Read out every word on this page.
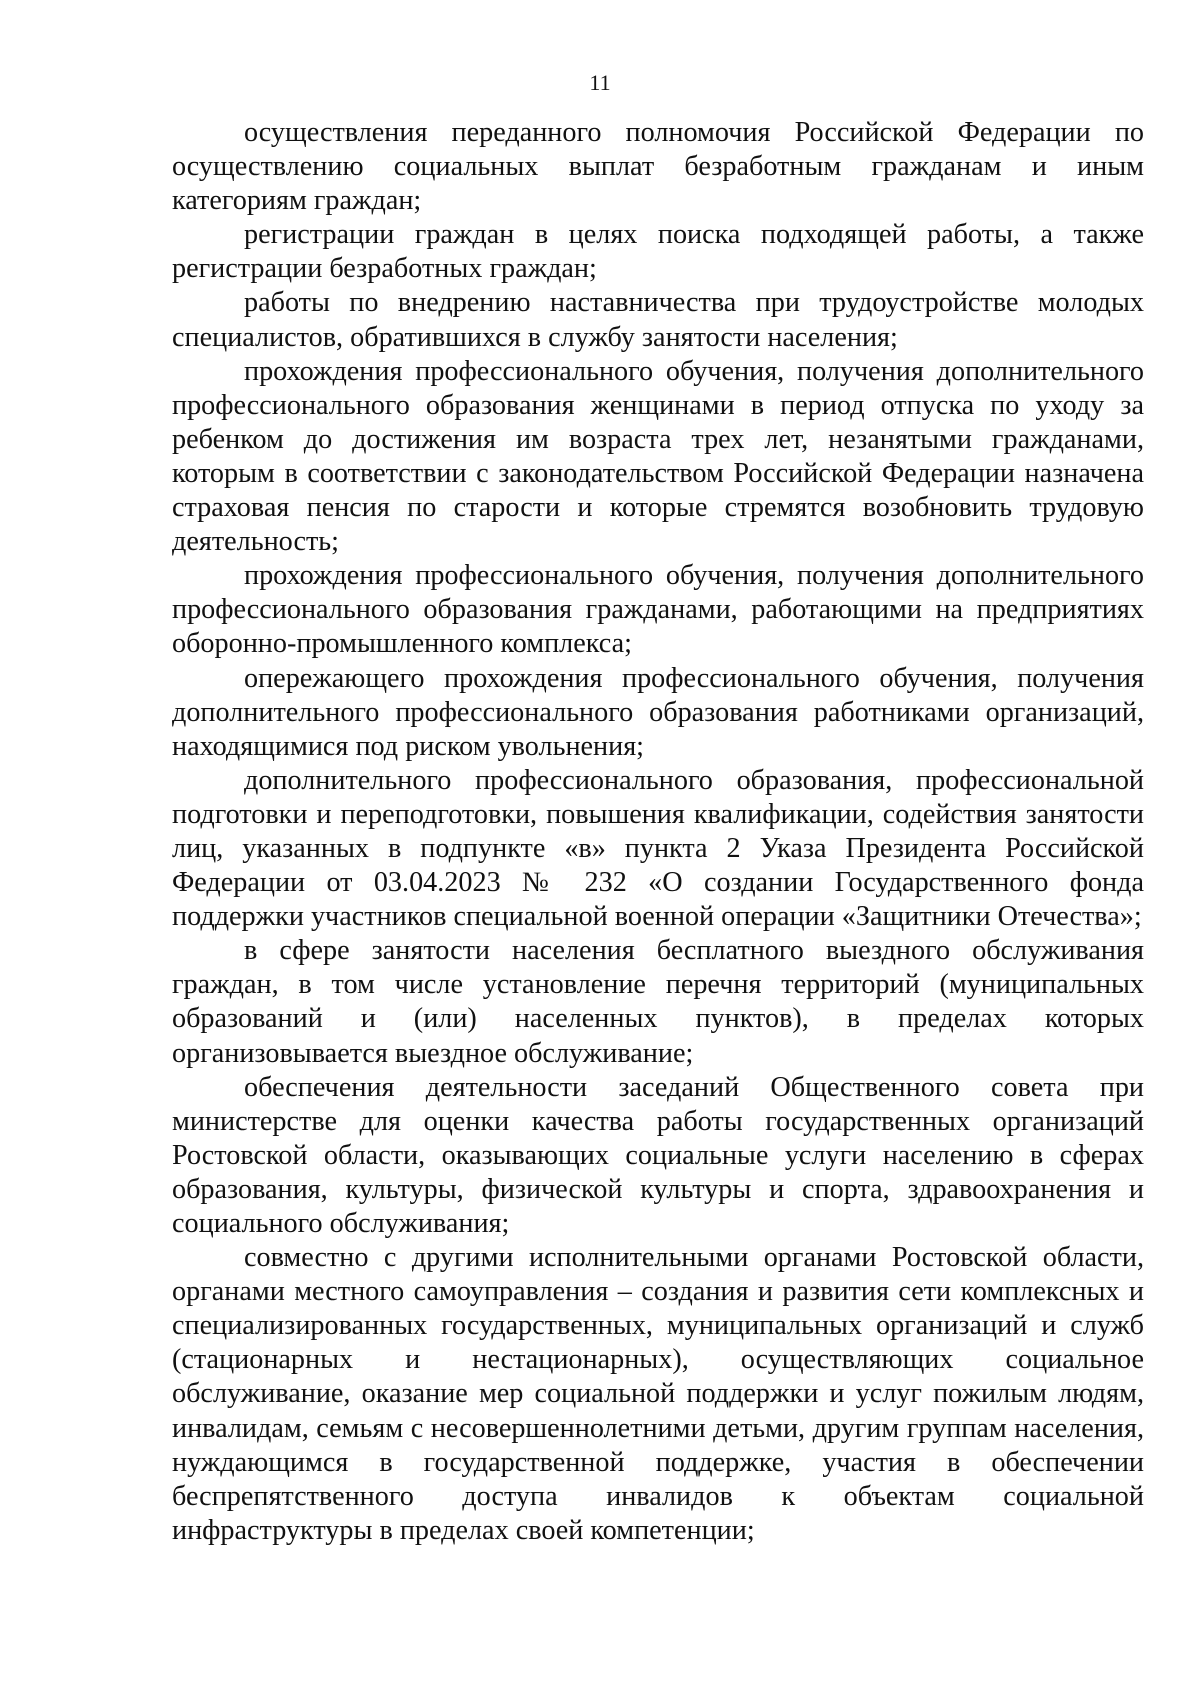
11

осуществления переданного полномочия Российской Федерации по осуществлению социальных выплат безработным гражданам и иным категориям граждан;

регистрации граждан в целях поиска подходящей работы, а также регистрации безработных граждан;

работы по внедрению наставничества при трудоустройстве молодых специалистов, обратившихся в службу занятости населения;

прохождения профессионального обучения, получения дополнительного профессионального образования женщинами в период отпуска по уходу за ребенком до достижения им возраста трех лет, незанятыми гражданами, которым в соответствии с законодательством Российской Федерации назначена страховая пенсия по старости и которые стремятся возобновить трудовую деятельность;

прохождения профессионального обучения, получения дополнительного профессионального образования гражданами, работающими на предприятиях оборонно-промышленного комплекса;

опережающего прохождения профессионального обучения, получения дополнительного профессионального образования работниками организаций, находящимися под риском увольнения;

дополнительного профессионального образования, профессиональной подготовки и переподготовки, повышения квалификации, содействия занятости лиц, указанных в подпункте «в» пункта 2 Указа Президента Российской Федерации от 03.04.2023 № 232 «О создании Государственного фонда поддержки участников специальной военной операции «Защитники Отечества»;

в сфере занятости населения бесплатного выездного обслуживания граждан, в том числе установление перечня территорий (муниципальных образований и (или) населенных пунктов), в пределах которых организовывается выездное обслуживание;

обеспечения деятельности заседаний Общественного совета при министерстве для оценки качества работы государственных организаций Ростовской области, оказывающих социальные услуги населению в сферах образования, культуры, физической культуры и спорта, здравоохранения и социального обслуживания;

совместно с другими исполнительными органами Ростовской области, органами местного самоуправления – создания и развития сети комплексных и специализированных государственных, муниципальных организаций и служб (стационарных и нестационарных), осуществляющих социальное обслуживание, оказание мер социальной поддержки и услуг пожилым людям, инвалидам, семьям с несовершеннолетними детьми, другим группам населения, нуждающимся в государственной поддержке, участия в обеспечении беспрепятственного доступа инвалидов к объектам социальной инфраструктуры в пределах своей компетенции;
